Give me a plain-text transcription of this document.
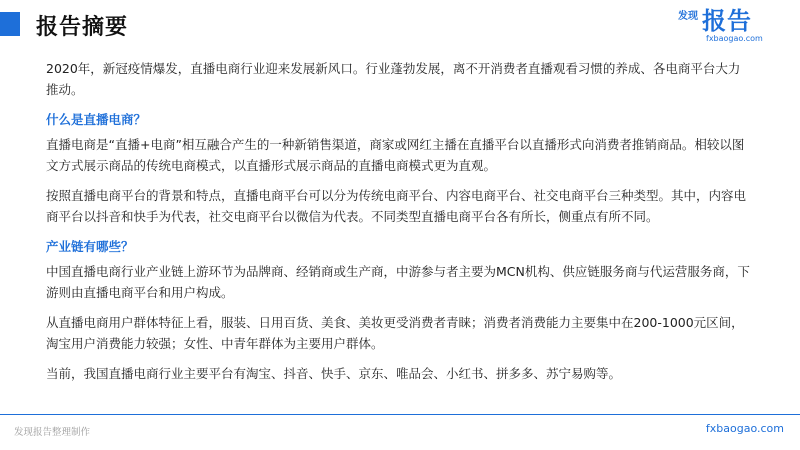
报告摘要	发现 报告
fxbaogao.com

2020年，新冠疫情爆发，直播电商行业迎来发展新风口。行业蓬勃发展，离不开消费者直播观看习惯的养成、各电商平台大力推动。

什么是直播电商？

直播电商是“直播+电商”相互融合产生的一种新销售渠道，商家或网红主播在直播平台以直播形式向消费者推销商品。相较以图文方式展示商品的传统电商模式，以直播形式展示商品的直播电商模式更为直观。

按照直播电商平台的背景和特点，直播电商平台可以分为传统电商平台、内容电商平台、社交电商平台三种类型。其中，内容电商平台以抖音和快手为代表，社交电商平台以微信为代表。不同类型直播电商平台各有所长，侧重点有所不同。

产业链有哪些？

中国直播电商行业产业链上游环节为品牌商、经销商或生产商，中游参与者主要为MCN机构、供应链服务商与代运营服务商，下游则由直播电商平台和用户构成。

从直播电商用户群体特征上看，服装、日用百货、美食、美妆更受消费者青睐；消费者消费能力主要集中在200-1000元区间，淘宝用户消费能力较强；女性、中青年群体为主要用户群体。

当前，我国直播电商行业主要平台有淘宝、抖音、快手、京东、唯品会、小红书、拼多多、苏宁易购等。

发现报告整理制作	fxbaogao.com
